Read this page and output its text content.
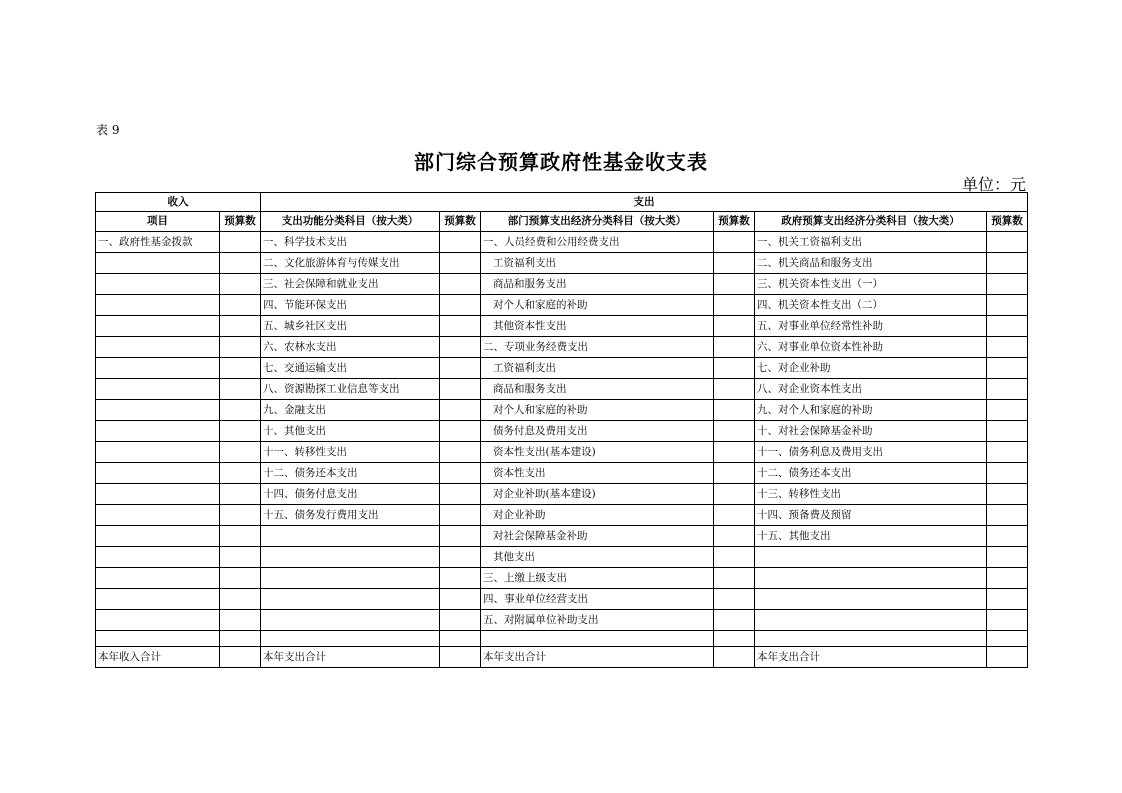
表 9
部门综合预算政府性基金收支表
单位：元
收入		支出					
项目	预算数	支出功能分类科目（按大类）	预算数	部门预算支出经济分类科目（按大类）	预算数	政府预算支出经济分类科目（按大类）	预算数
一、政府性基金拨款		一、科学技术支出		一、人员经费和公用经费支出		一、机关工资福利支出	
		二、文化旅游体育与传媒支出		工资福利支出		二、机关商品和服务支出	
		三、社会保障和就业支出		商品和服务支出		三、机关资本性支出（一）	
		四、节能环保支出		对个人和家庭的补助		四、机关资本性支出（二）	
		五、城乡社区支出		其他资本性支出		五、对事业单位经常性补助	
		六、农林水支出		二、专项业务经费支出		六、对事业单位资本性补助	
		七、交通运输支出		工资福利支出		七、对企业补助	
		八、资源勘探工业信息等支出		商品和服务支出		八、对企业资本性支出	
		九、金融支出		对个人和家庭的补助		九、对个人和家庭的补助	
		十、其他支出		债务付息及费用支出		十、对社会保障基金补助	
		十一、转移性支出		资本性支出(基本建设)		十一、债务利息及费用支出	
		十二、债务还本支出		资本性支出		十二、债务还本支出	
		十四、债务付息支出		对企业补助(基本建设)		十三、转移性支出	
		十五、债务发行费用支出		对企业补助		十四、预备费及预留	
				对社会保障基金补助		十五、其他支出	
				其他支出			
				三、上缴上级支出			
				四、事业单位经营支出			
				五、对附属单位补助支出			

本年收入合计		本年支出合计		本年支出合计		本年支出合计	
